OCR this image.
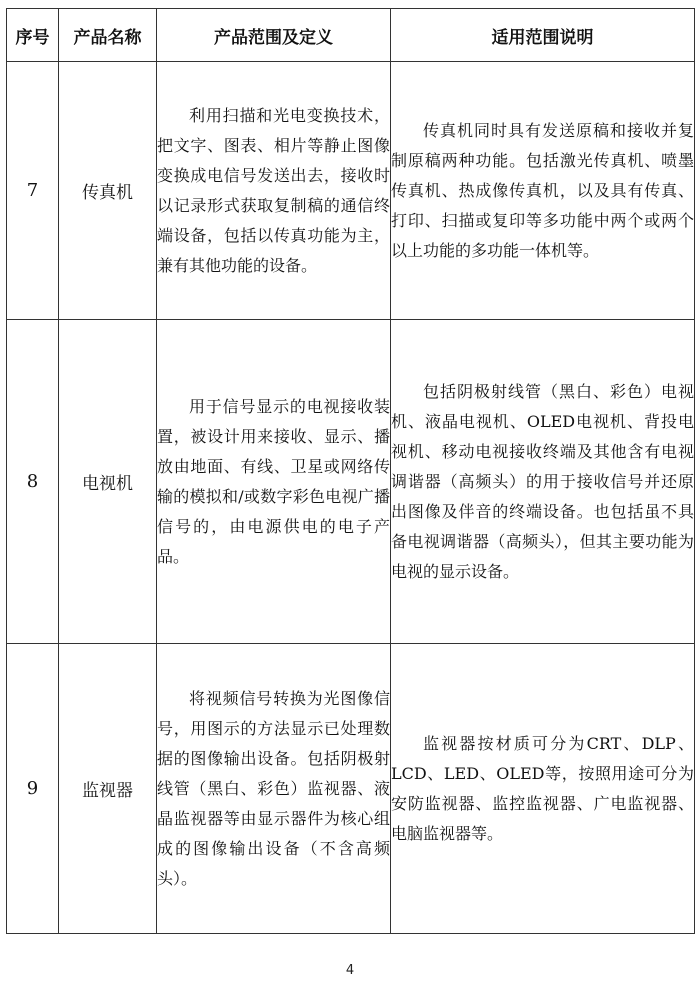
序号	产品名称	产品范围及定义	适用范围说明
7	传真机	利用扫描和光电变换技术，把文字、图表、相片等静止图像变换成电信号发送出去，接收时以记录形式获取复制稿的通信终端设备，包括以传真功能为主，兼有其他功能的设备。	传真机同时具有发送原稿和接收并复制原稿两种功能。包括激光传真机、喷墨传真机、热成像传真机，以及具有传真、打印、扫描或复印等多功能中两个或两个以上功能的多功能一体机等。
8	电视机	用于信号显示的电视接收装置，被设计用来接收、显示、播放由地面、有线、卫星或网络传输的模拟和/或数字彩色电视广播信号的，由电源供电的电子产品。	包括阴极射线管（黑白、彩色）电视机、液晶电视机、OLED电视机、背投电视机、移动电视接收终端及其他含有电视调谐器（高频头）的用于接收信号并还原出图像及伴音的终端设备。也包括虽不具备电视调谐器（高频头），但其主要功能为电视的显示设备。
9	监视器	将视频信号转换为光图像信号，用图示的方法显示已处理数据的图像输出设备。包括阴极射线管（黑白、彩色）监视器、液晶监视器等由显示器件为核心组成的图像输出设备（不含高频头）。	监视器按材质可分为CRT、DLP、LCD、LED、OLED等，按照用途可分为安防监视器、监控监视器、广电监视器、电脑监视器等。
4
